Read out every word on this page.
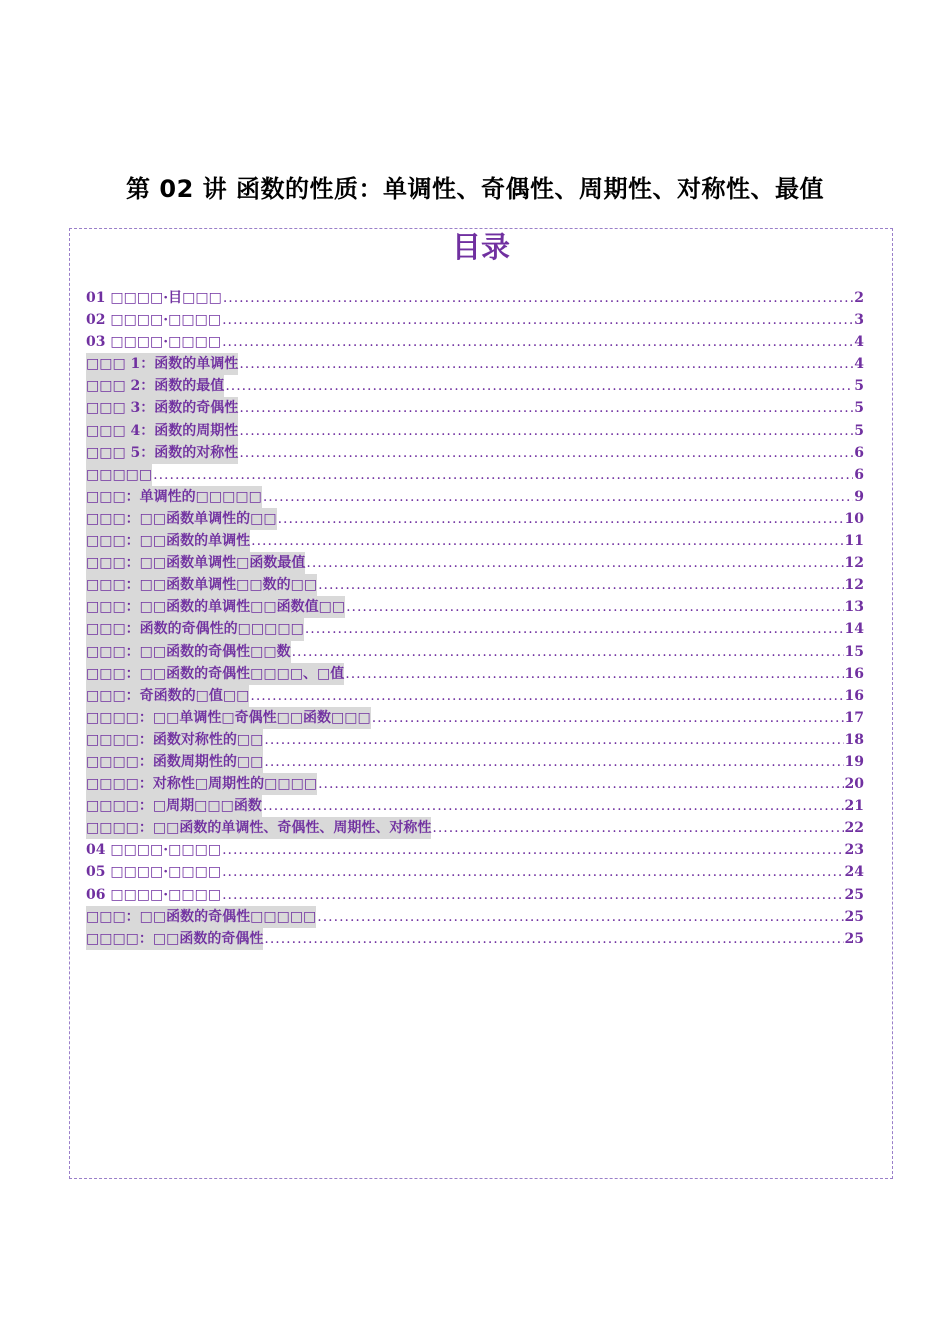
第 02 讲 函数的性质：单调性、奇偶性、周期性、对称性、最值
目录
01 □□□□·目□□□ .....	2
02 □□□□·□□□□ .....	3
03 □□□□·□□□□ .....	4
□□□ 1：函数的单调性 .....	4
□□□ 2：函数的最值 .....	5
□□□ 3：函数的奇偶性 .....	5
□□□ 4：函数的周期性 .....	5
□□□ 5：函数的对称性 .....	6
□□□□□ .....	6
□□□：单调性的□□□□□ .....	9
□□□：□□函数单调性的□□ .....	10
□□□：□□函数的单调性 .....	11
□□□：□□函数单调性□函数最值 .....	12
□□□：□□函数单调性□□数的□□ .....	12
□□□：□□函数的单调性□□函数值□□ .....	13
□□□：函数的奇偶性的□□□□□ .....	14
□□□：□□函数的奇偶性□□数 .....	15
□□□：□□函数的奇偶性□□□□、□值 .....	16
□□□：奇函数的□值□□ .....	16
□□□□：□□单调性□奇偶性□□函数□□□ .....	17
□□□□：函数对称性的□□ .....	18
□□□□：函数周期性的□□ .....	19
□□□□：对称性□周期性的□□□□ .....	20
□□□□：□周期□□□函数 .....	21
□□□□：□□函数的单调性、奇偶性、周期性、对称性 .....	22
04 □□□□·□□□□ .....	23
05 □□□□·□□□□ .....	24
06 □□□□·□□□□ .....	25
□□□：□□函数的奇偶性□□□□□ .....	25
□□□□：□□函数的奇偶性 .....	25
